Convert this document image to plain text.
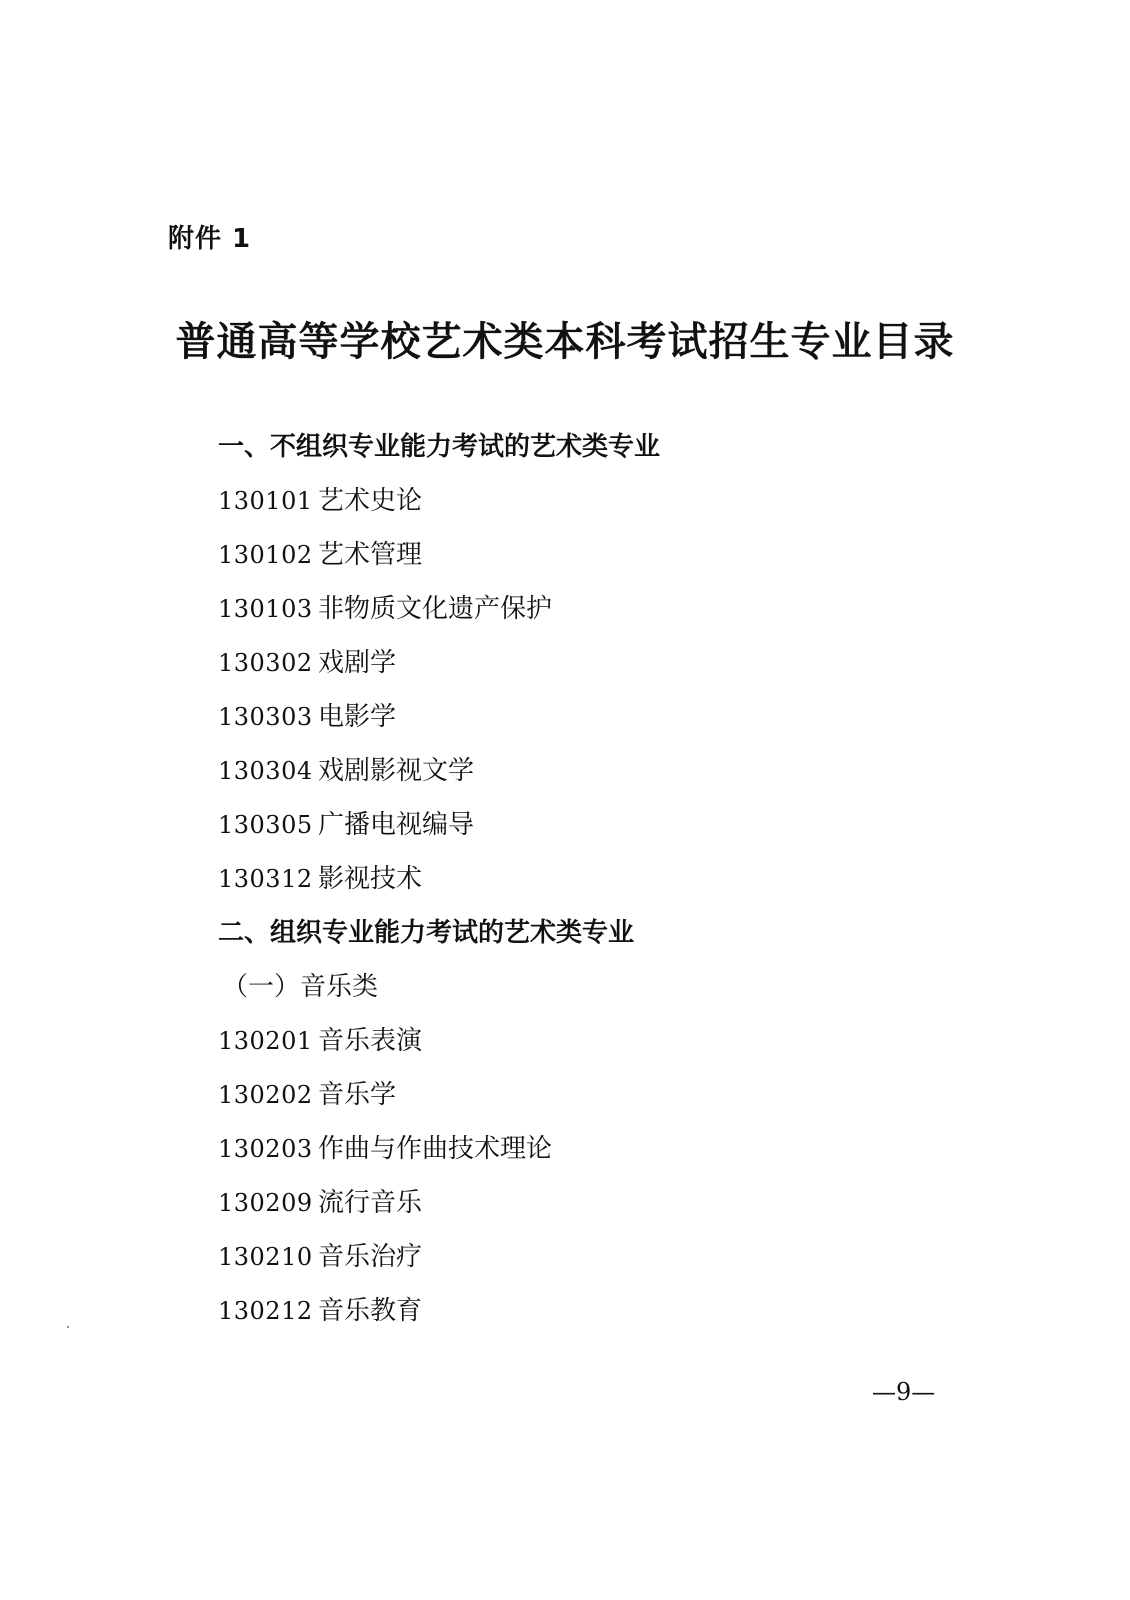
附件 1
普通高等学校艺术类本科考试招生专业目录
一、不组织专业能力考试的艺术类专业
130101 艺术史论
130102 艺术管理
130103 非物质文化遗产保护
130302 戏剧学
130303 电影学
130304 戏剧影视文学
130305 广播电视编导
130312 影视技术
二、组织专业能力考试的艺术类专业
（一）音乐类
130201 音乐表演
130202 音乐学
130203 作曲与作曲技术理论
130209 流行音乐
130210 音乐治疗
130212 音乐教育
—9—
